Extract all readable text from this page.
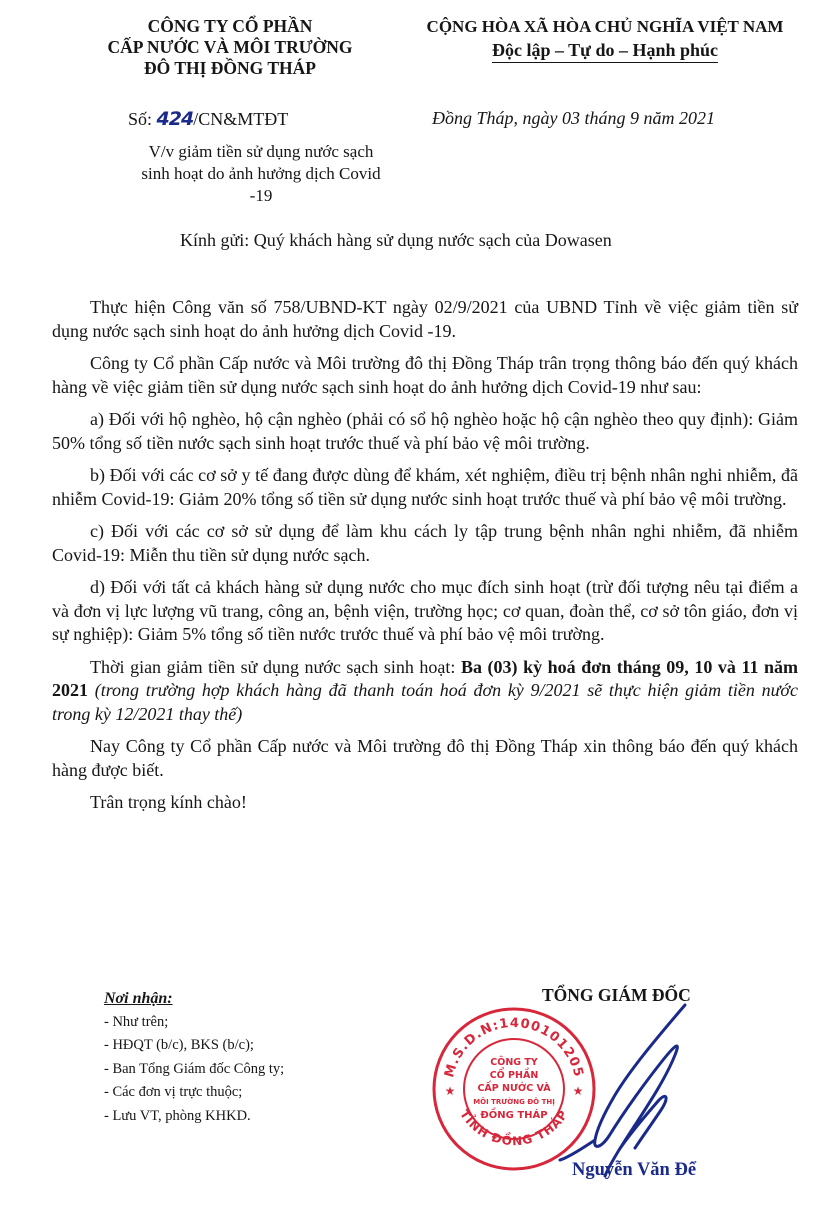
CÔNG TY CỔ PHẦN
CẤP NƯỚC VÀ MÔI TRƯỜNG
ĐÔ THỊ ĐỒNG THÁP
CỘNG HÒA XÃ HÒA CHỦ NGHĨA VIỆT NAM
Độc lập – Tự do – Hạnh phúc
Số: 424/CN&MTĐT	Đồng Tháp, ngày 03 tháng 9 năm 2021
V/v giảm tiền sử dụng nước sạch
sinh hoạt do ảnh hưởng dịch Covid -19
Kính gửi: Quý khách hàng sử dụng nước sạch của Dowasen

Thực hiện Công văn số 758/UBND-KT ngày 02/9/2021 của UBND Tỉnh về việc giảm tiền sử dụng nước sạch sinh hoạt do ảnh hưởng dịch Covid -19.

Công ty Cổ phần Cấp nước và Môi trường đô thị Đồng Tháp trân trọng thông báo đến quý khách hàng về việc giảm tiền sử dụng nước sạch sinh hoạt do ảnh hưởng dịch Covid-19 như sau:

a) Đối với hộ nghèo, hộ cận nghèo (phải có sổ hộ nghèo hoặc hộ cận nghèo theo quy định): Giảm 50% tổng số tiền nước sạch sinh hoạt trước thuế và phí bảo vệ môi trường.

b) Đối với các cơ sở y tế đang được dùng để khám, xét nghiệm, điều trị bệnh nhân nghi nhiễm, đã nhiễm Covid-19: Giảm 20% tổng số tiền sử dụng nước sinh hoạt trước thuế và phí bảo vệ môi trường.

c) Đối với các cơ sở sử dụng để làm khu cách ly tập trung bệnh nhân nghi nhiễm, đã nhiễm Covid-19: Miễn thu tiền sử dụng nước sạch.

d) Đối với tất cả khách hàng sử dụng nước cho mục đích sinh hoạt (trừ đối tượng nêu tại điểm a và đơn vị lực lượng vũ trang, công an, bệnh viện, trường học; cơ quan, đoàn thể, cơ sở tôn giáo, đơn vị sự nghiệp): Giảm 5% tổng số tiền nước trước thuế và phí bảo vệ môi trường.

Thời gian giảm tiền sử dụng nước sạch sinh hoạt: Ba (03) kỳ hoá đơn tháng 09, 10 và 11 năm 2021 (trong trường hợp khách hàng đã thanh toán hoá đơn kỳ 9/2021 sẽ thực hiện giảm tiền nước trong kỳ 12/2021 thay thế)

Nay Công ty Cổ phần Cấp nước và Môi trường đô thị Đồng Tháp xin thông báo đến quý khách hàng được biết.

Trân trọng kính chào!

Nơi nhận:
- Như trên;
- HĐQT (b/c), BKS (b/c);
- Ban Tổng Giám đốc Công ty;
- Các đơn vị trực thuộc;
- Lưu VT, phòng KHKD.
TỔNG GIÁM ĐỐC
M.S.D.N:1400101205
TỈNH ĐỒNG THÁP
★	★
CÔNG TY
CỔ PHẦN
CẤP NƯỚC VÀ
MÔI TRƯỜNG ĐÔ THỊ
ĐỒNG THÁP
Nguyễn Văn Để
